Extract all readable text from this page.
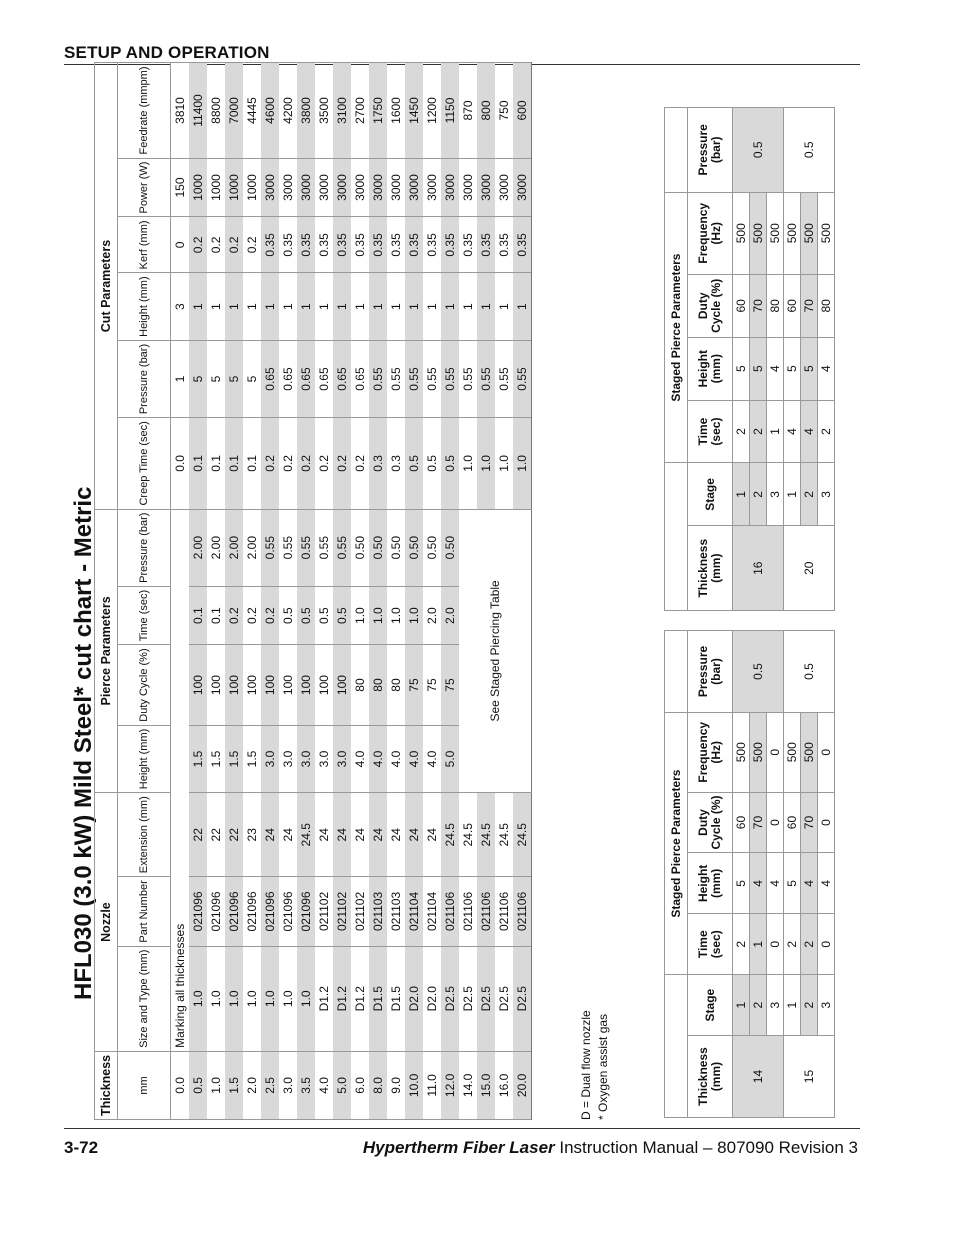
SETUP AND OPERATION
3-72	Hypertherm Fiber Laser Instruction Manual – 807090 Revision 3
HFL030 (3.0 kW) Mild Steel* cut chart - Metric
Thickness	Nozzle			Pierce Parameters				Cut Parameters					
mm	Size and Type (mm)	Part Number	Extension (mm)	Height (mm)	Duty Cycle (%)	Time (sec)	Pressure (bar)	Creep Time (sec)	Pressure (bar)	Height (mm)	Kerf (mm)	Power (W)	Feedrate (mmpm)
0.0	Marking all thicknesses							0.0	1	3	0	150	3810
0.5	1.0	021096	22	1.5	100	0.1	2.00	0.1	5	1	0.2	1000	11400
1.0	1.0	021096	22	1.5	100	0.1	2.00	0.1	5	1	0.2	1000	8800
1.5	1.0	021096	22	1.5	100	0.2	2.00	0.1	5	1	0.2	1000	7000
2.0	1.0	021096	23	1.5	100	0.2	2.00	0.1	5	1	0.2	1000	4445
2.5	1.0	021096	24	3.0	100	0.2	0.55	0.2	0.65	1	0.35	3000	4600
3.0	1.0	021096	24	3.0	100	0.5	0.55	0.2	0.65	1	0.35	3000	4200
3.5	1.0	021096	24.5	3.0	100	0.5	0.55	0.2	0.65	1	0.35	3000	3800
4.0	D1.2	021102	24	3.0	100	0.5	0.55	0.2	0.65	1	0.35	3000	3500
5.0	D1.2	021102	24	3.0	100	0.5	0.55	0.2	0.65	1	0.35	3000	3100
6.0	D1.2	021102	24	4.0	80	1.0	0.50	0.2	0.65	1	0.35	3000	2700
8.0	D1.5	021103	24	4.0	80	1.0	0.50	0.3	0.55	1	0.35	3000	1750
9.0	D1.5	021103	24	4.0	80	1.0	0.50	0.3	0.55	1	0.35	3000	1600
10.0	D2.0	021104	24	4.0	75	1.0	0.50	0.5	0.55	1	0.35	3000	1450
11.0	D2.0	021104	24	4.0	75	2.0	0.50	0.5	0.55	1	0.35	3000	1200
12.0	D2.5	021106	24.5	5.0	75	2.0	0.50	0.5	0.55	1	0.35	3000	1150
14.0	D2.5	021106	24.5	See Staged Piercing Table				1.0	0.55	1	0.35	3000	870
15.0	D2.5	021106	24.5					1.0	0.55	1	0.35	3000	800
16.0	D2.5	021106	24.5					1.0	0.55	1	0.35	3000	750
20.0	D2.5	021106	24.5					1.0	0.55	1	0.35	3000	600
D = Dual flow nozzle * Oxygen assist gas
		Staged Pierce Parameters				
Thickness (mm)	Stage	Time (sec)	Height (mm)	Duty Cycle (%)	Frequency (Hz)	Pressure (bar)
14	1	2	5	60	500	0.5
	2	1	4	70	500	
	3	0	4	0	0	
15	1	2	5	60	500	0.5
	2	2	4	70	500	
	3	0	4	0	0	
		Staged Pierce Parameters				
Thickness (mm)	Stage	Time (sec)	Height (mm)	Duty Cycle (%)	Frequency (Hz)	Pressure (bar)
16	1	2	5	60	500	0.5
	2	2	5	70	500	
	3	1	4	80	500	
20	1	4	5	60	500	0.5
	2	4	5	70	500	
	3	2	4	80	500	
